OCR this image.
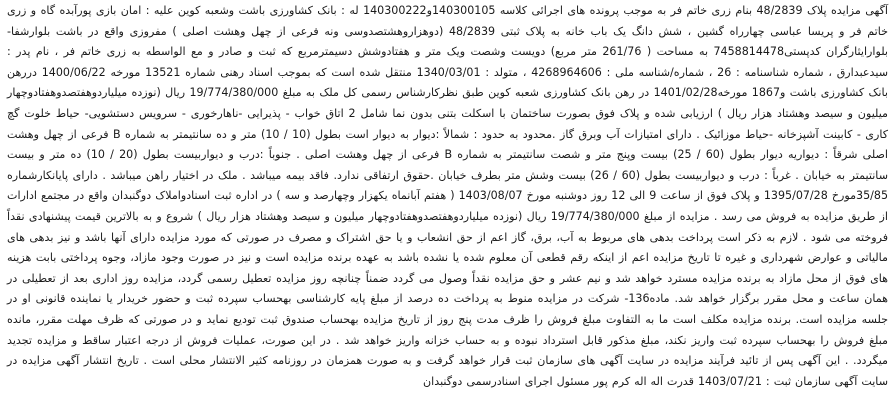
آگهی مزایده پلاک 48/2839 بنام زری خاتم فر به موجب پرونده های اجرائی کلاسه 140300105و140300222 له : بانک کشاورزی باشت وشعبه کوین علیه : امان بازی پورآبده گاه و زری خاتم فر و پریسا عباسی چهارراه گشین ، شش دانگ یک باب خانه به پلاک ثبتی 48/2839 (دوهزاروهشتصدوسی ونه فرعی از چهل وهشت اصلی ) مفروزی واقع در باشت بلوارشفا-بلوارایثارگران کدپستی7458814478 به مساحت ( 261/76 متر مربع) دویست وشصت ویک متر و هفتادوشش دسیمترمربع که ثبت و صادر و مع الواسطه به زری خاتم فر ، نام پدر : سیدعبدارق ، شماره شناسنامه : 26 ، شماره/شناسه ملی : 4268964606 ، متولد : 1340/03/01 منتقل شده است که بموجب اسناد رهنی شماره 13521 مورخه 1400/06/22 دررهن بانک کشاورزی باشت و1867 مورخه1401/02/28 در رهن بانک کشاورزی شعبه کوین طبق نظرکارشناس رسمی کل ملک به مبلغ 19/774/380/000 ریال (نوزده میلیاردوهفتصدوهفتادوچهار میلیون و سیصد وهشتاد هزار ریال ) ارزیابی شده و پلاک فوق بصورت ساختمان با اسکلت بتنی بدون نما شامل 2 اتاق خواب - پذیرایی -ناهارخوری - سرویس دستشویی- حیاط خلوت گچ کاری - کابینت آشپزخانه -حیاط موزائیک . دارای امتیازات آب وبرق گاز .محدود به حدود : شمالاً :دیوار به دیوار است بطول (10 / 10) متر و ده سانتیمتر به شماره B فرعی از چهل وهشت اصلی شرقاً : دیواریه دیوار بطول (60 / 25) بیست وپنج متر و شصت سانتیمتر به شماره B فرعی از چهل وهشت اصلی . جنوباً :درب و دیواربیست بطول (20 / 10) ده متر و بیست سانتیمتر به خیابان . غرباً : درب و دیواربیست بطول (60 / 26) بیست وشش متر بطرف خیابان .حقوق ارتفاقی ندارد. فاقد بیمه میباشد . ملک در اختیار راهن میباشد . دارای پایانکارشماره 35/85مورخ 1395/07/28 و پلاک فوق از ساعت 9 الی 12 روز دوشنبه مورخ 1403/08/07 ( هفتم آبانماه یکهزار وچهارصد و سه ) در اداره ثبت اسنادواملاک دوگنبدان واقع در مجتمع ادارات از طریق مزایده به فروش می رسد . مزایده از مبلغ 19/774/380/000 ریال (نوزده میلیاردوهفتصدوهفتادوچهار میلیون و سیصد وهشتاد هزار ریال ) شروع و به بالاترین قیمت پیشنهادی نقداً فروخته می شود . لازم به ذکر است پرداخت بدهی های مربوط به آب، برق، گاز اعم از حق انشعاب و یا حق اشتراک و مصرف در صورتی که مورد مزایده دارای آنها باشد و نیز بدهی های مالیاتی و عوارض شهرداری و غیره تا تاریخ مزایده اعم از اینکه رقم قطعی آن معلوم شده یا نشده باشد به عهده برنده مزایده است و نیز در صورت وجود مازاد، وجوه پرداختی بابت هزینه های فوق از محل مازاد به برنده مزایده مسترد خواهد شد و نیم عشر و حق مزایده نقداً وصول می گردد ضمناً چنانچه روز مزایده تعطیل رسمی گردد، مزایده روز اداری بعد از تعطیلی در همان ساعت و محل مقرر برگزار خواهد شد. ماده136- شرکت در مزایده منوط به پرداخت ده درصد از مبلغ پایه کارشناسی بهحساب سپرده ثبت و حضور خریدار یا نماینده قانونی او در جلسه مزایده است. برنده مزایده مکلف است ما به التفاوت مبلغ فروش را ظرف مدت پنج روز از تاریخ مزایده بهحساب صندوق ثبت تودیع نماید و در صورتی که ظرف مهلت مقرر، مانده مبلغ فروش را بهحساب سپرده ثبت واریز نکند، مبلغ مذکور قابل استرداد نبوده و به حساب خزانه واریز خواهد شد . در این صورت، عملیات فروش از درجه اعتبار ساقط و مزایده تجدید میگردد. . این آگهی پس از تائید فرآیند مزایده در سایت آگهی های سازمان ثبت قرار خواهد گرفت و به صورت همزمان در روزنامه کثیر الانتشار محلی است . تاریخ انتشار آگهی مزایده در سایت آگهی سازمان ثبت : 1403/07/21 قدرت اله اله کرم پور مسئول اجرای اسنادرسمی دوگنبدان
